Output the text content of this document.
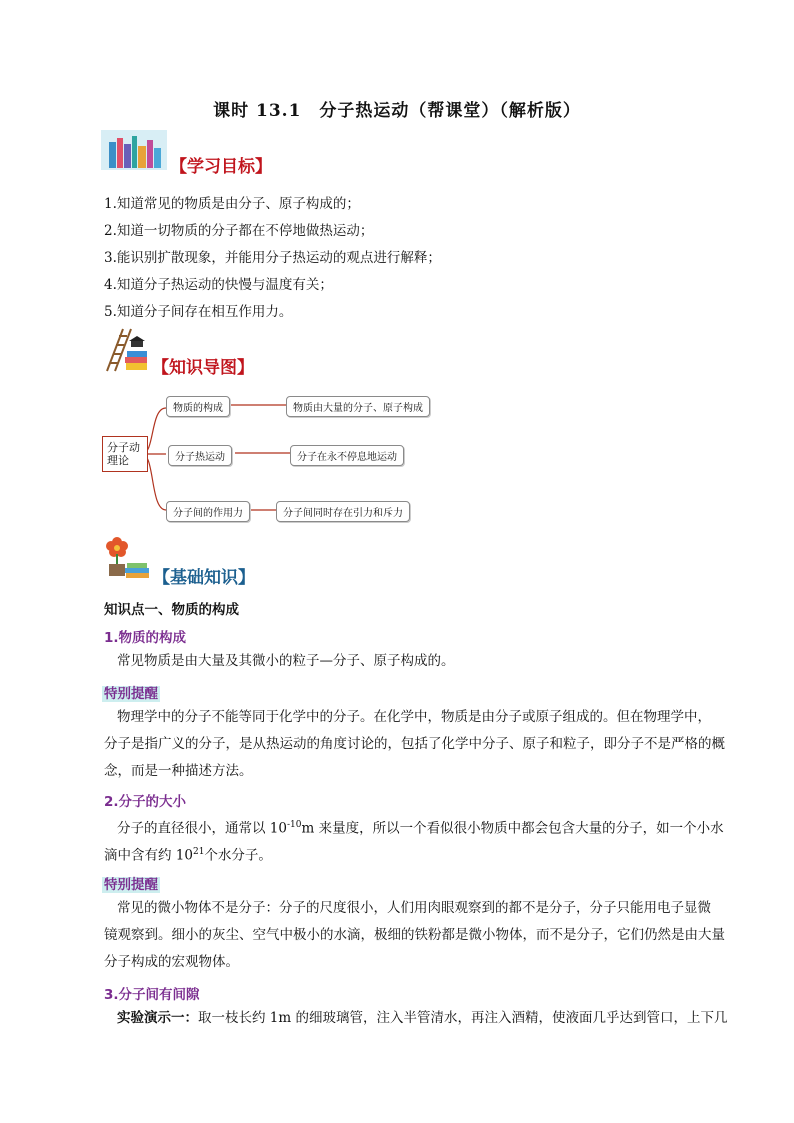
课时 13.1　分子热运动（帮课堂）（解析版）
【学习目标】
1.知道常见的物质是由分子、原子构成的；
2.知道一切物质的分子都在不停地做热运动；
3.能识别扩散现象，并能用分子热运动的观点进行解释；
4.知道分子热运动的快慢与温度有关；
5.知道分子间存在相互作用力。
【知识导图】
分子动理论
物质的构成
分子热运动
分子间的作用力
物质由大量的分子、原子构成
分子在永不停息地运动
分子间同时存在引力和斥力
【基础知识】
知识点一、物质的构成
1.物质的构成
常见物质是由大量及其微小的粒子—分子、原子构成的。
特别提醒
物理学中的分子不能等同于化学中的分子。在化学中，物质是由分子或原子组成的。但在物理学中，
分子是指广义的分子，是从热运动的角度讨论的，包括了化学中分子、原子和粒子，即分子不是严格的概
念，而是一种描述方法。
2.分子的大小
分子的直径很小，通常以 $10^{-10}m$ 来量度，所以一个看似很小物质中都会包含大量的分子，如一个小水
滴中含有约 $10^{21}$个水分子。
特别提醒
常见的微小物体不是分子：分子的尺度很小，人们用肉眼观察到的都不是分子，分子只能用电子显微
镜观察到。细小的灰尘、空气中极小的水滴，极细的铁粉都是微小物体，而不是分子，它们仍然是由大量
分子构成的宏观物体。
3.分子间有间隙
实验演示一：取一枝长约 1m 的细玻璃管，注入半管清水，再注入酒精，使液面几乎达到管口，上下几
